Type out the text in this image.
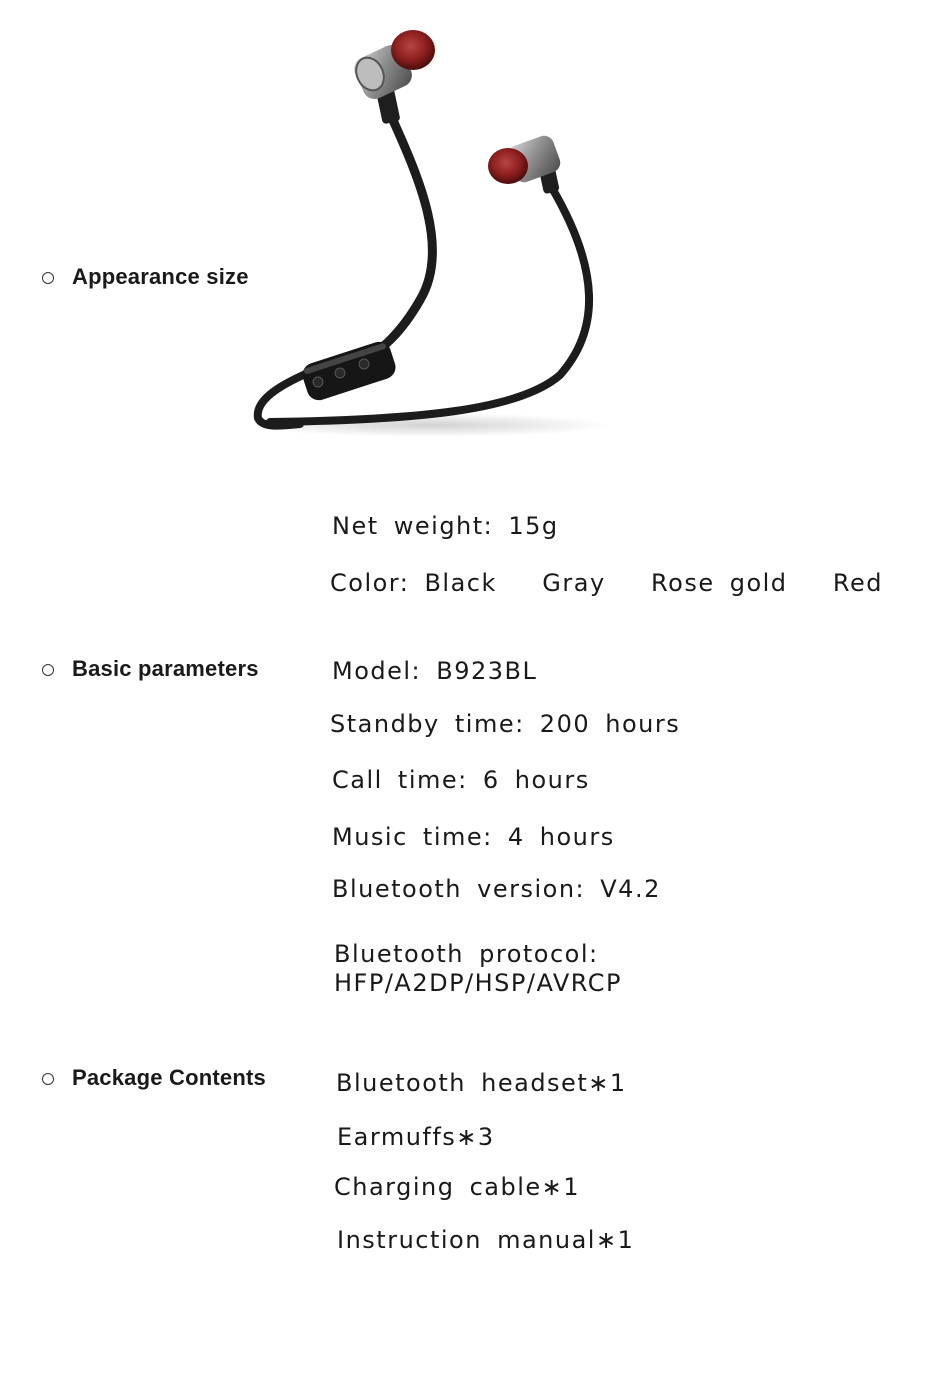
Appearance size
Basic parameters
Package Contents
Net weight: 15g
Color: Black   Gray   Rose gold   Red
Model: B923BL
Standby time: 200 hours
Call time: 6 hours
Music time: 4 hours
Bluetooth version: V4.2
Bluetooth protocol:
HFP/A2DP/HSP/AVRCP
Bluetooth headset∗1
Earmuffs∗3
Charging cable∗1
Instruction manual∗1
